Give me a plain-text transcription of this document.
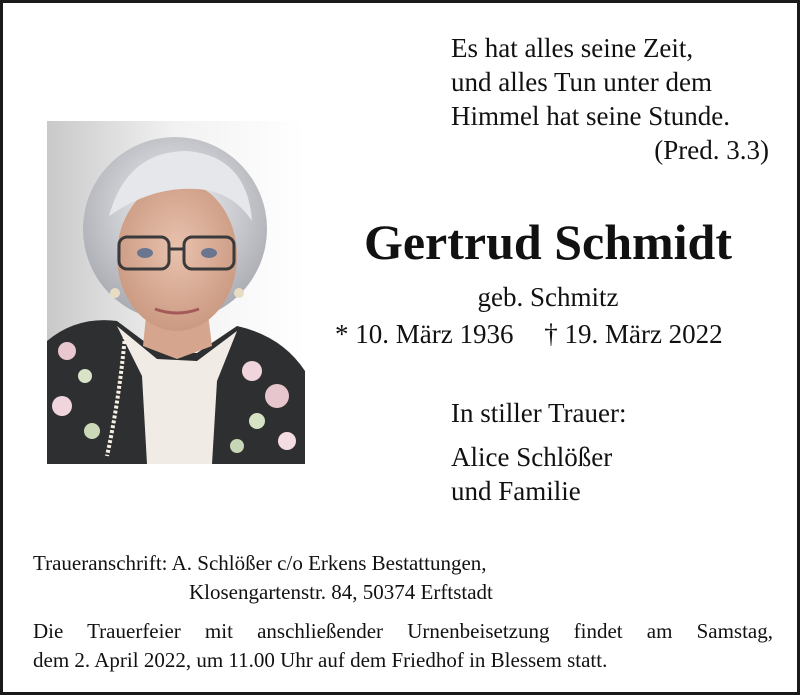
Es hat alles seine Zeit,
und alles Tun unter dem
Himmel hat seine Stunde.
(Pred. 3.3)
Gertrud Schmidt
geb. Schmitz
* 10. März 1936 † 19. März 2022
In stiller Trauer:
Alice Schlößer
und Familie
Traueranschrift: A. Schlößer c/o Erkens Bestattungen,
Klosengartenstr. 84, 50374 Erftstadt
Die Trauerfeier mit anschließender Urnenbeisetzung findet am Samstag,
dem 2. April 2022, um 11.00 Uhr auf dem Friedhof in Blessem statt.
